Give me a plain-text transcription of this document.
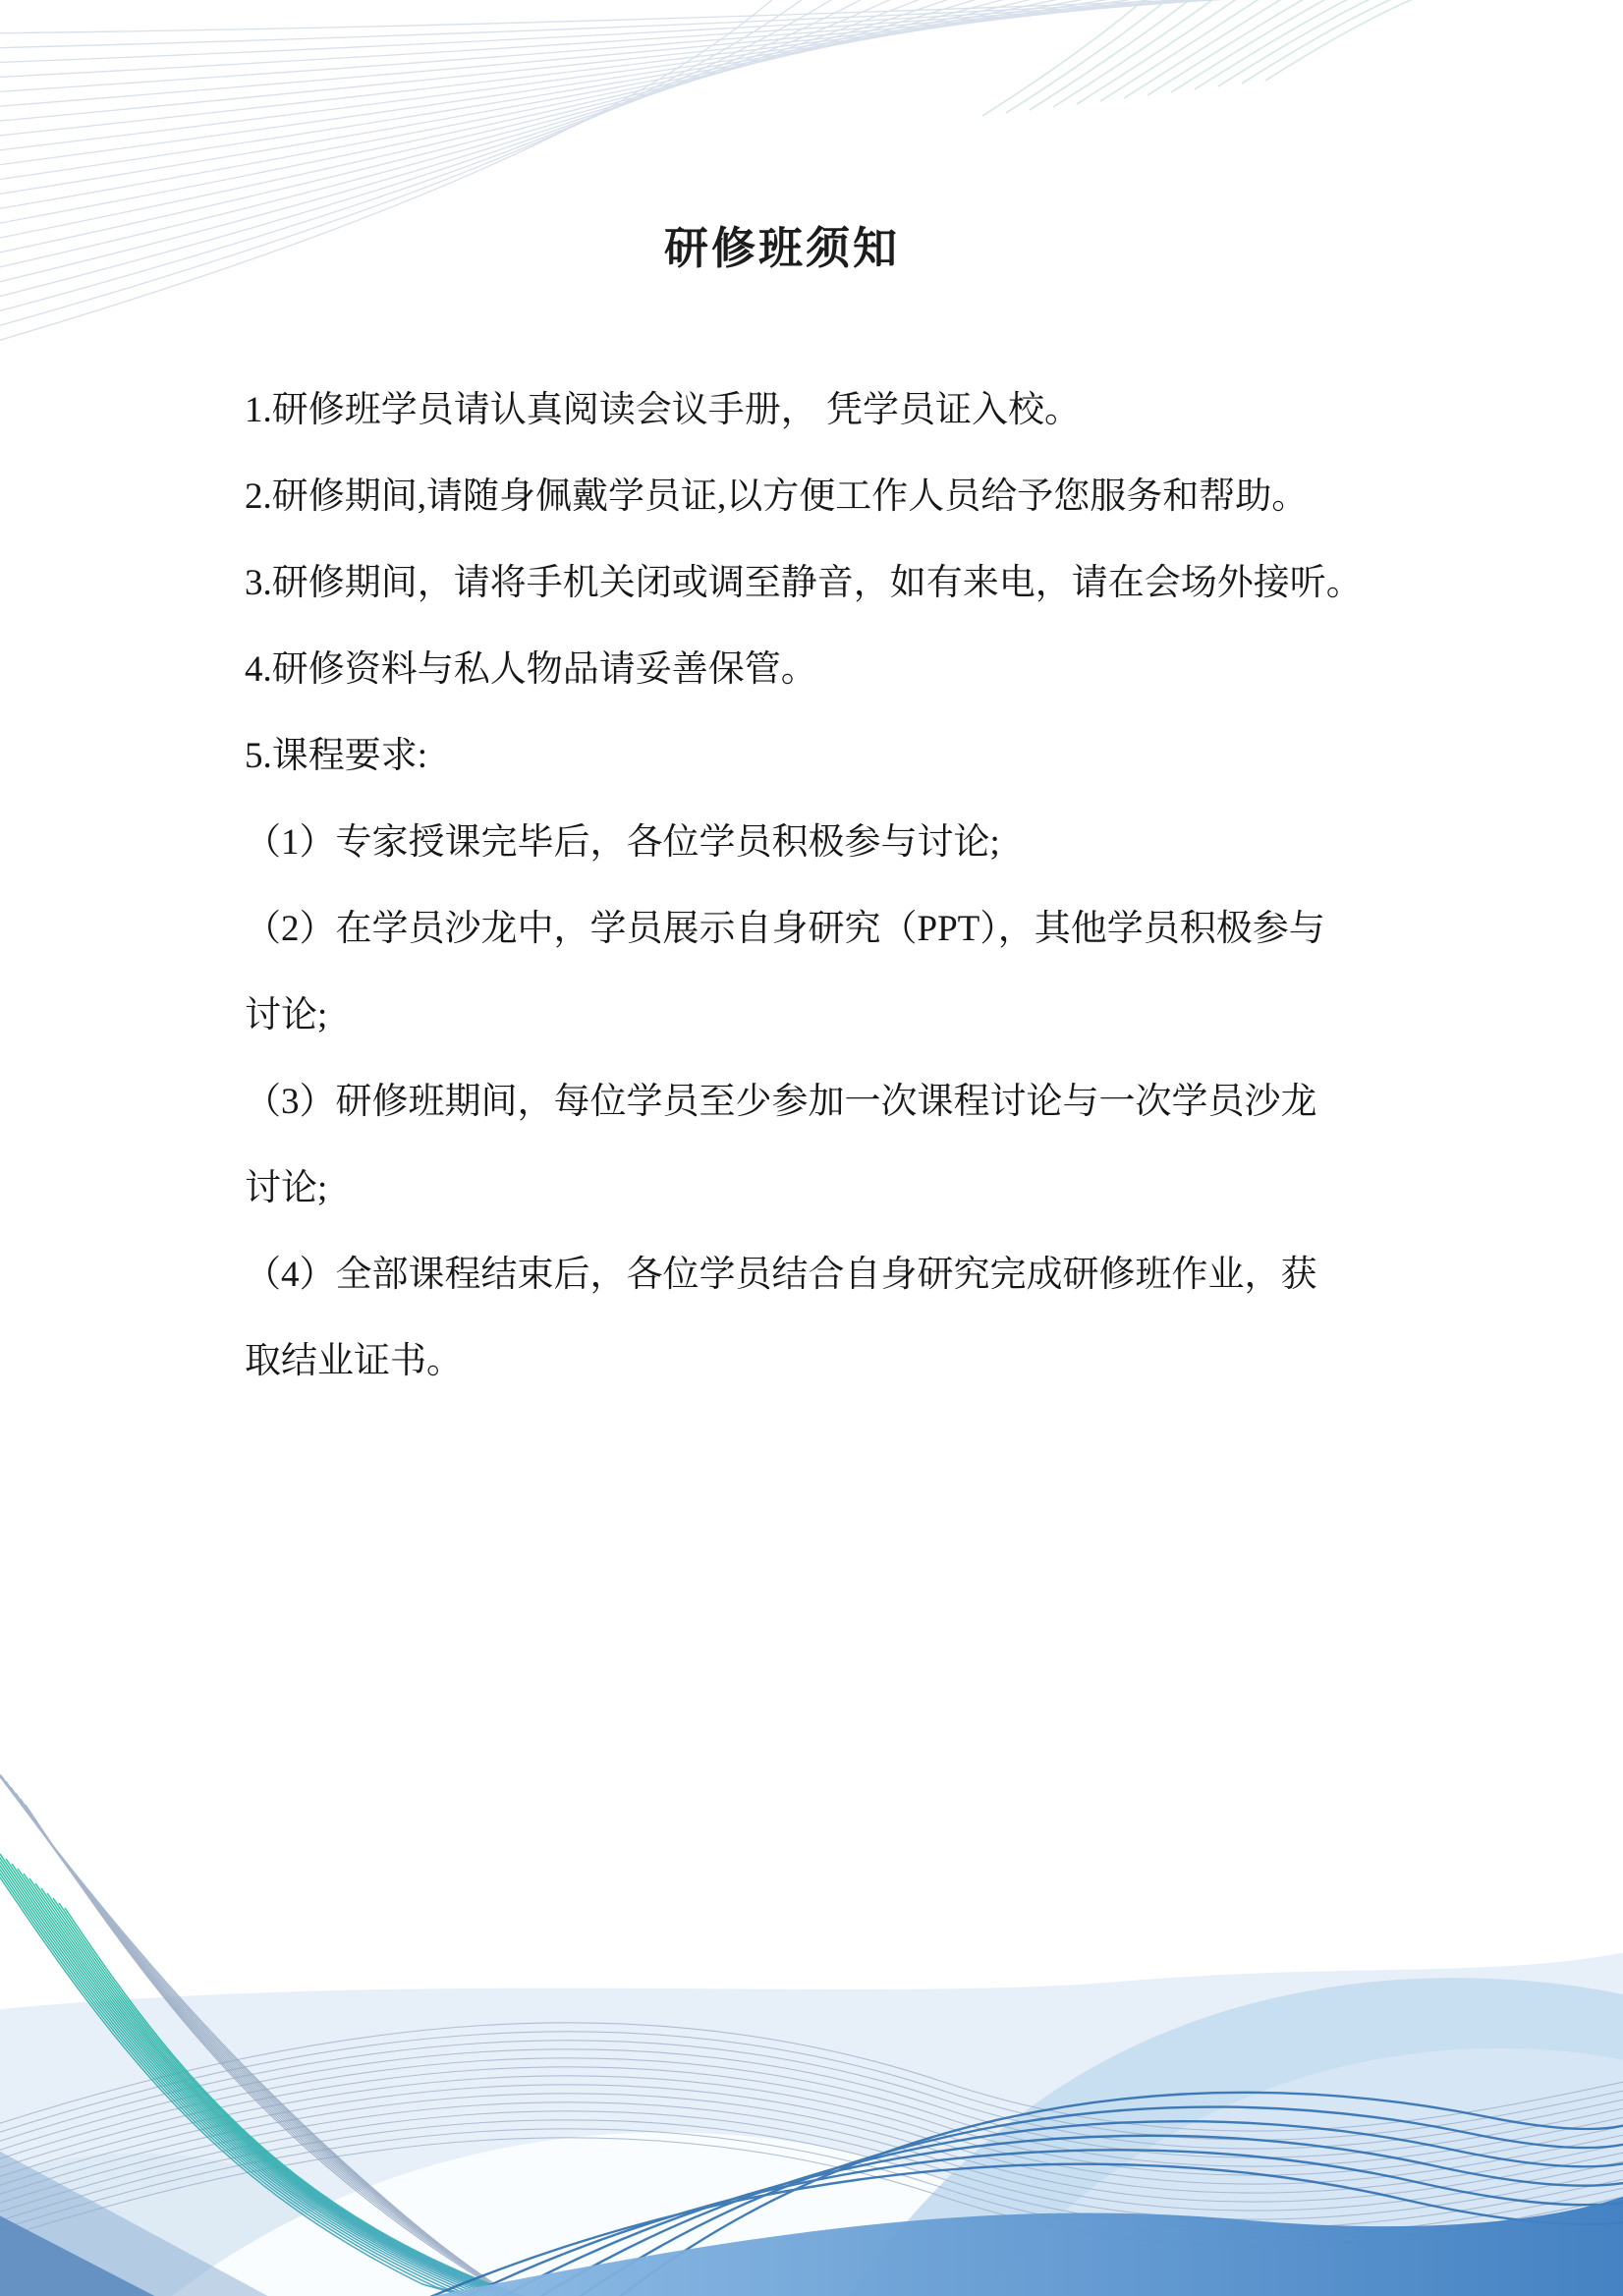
研修班须知
1.研修班学员请认真阅读会议手册， 凭学员证入校。
2.研修期间,请随身佩戴学员证,以方便工作人员给予您服务和帮助。
3.研修期间，请将手机关闭或调至静音，如有来电，请在会场外接听。
4.研修资料与私人物品请妥善保管。
5.课程要求:
（1）专家授课完毕后，各位学员积极参与讨论;
（2）在学员沙龙中，学员展示自身研究（PPT），其他学员积极参与
讨论;
（3）研修班期间，每位学员至少参加一次课程讨论与一次学员沙龙
讨论;
（4）全部课程结束后，各位学员结合自身研究完成研修班作业，获
取结业证书。
